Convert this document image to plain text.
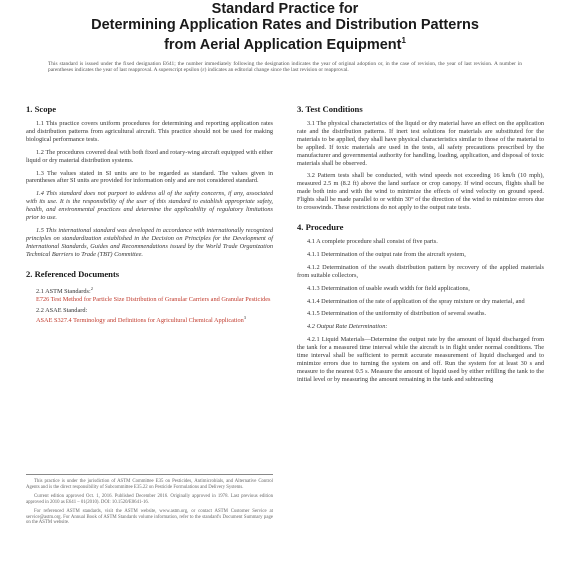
Standard Practice for
Determining Application Rates and Distribution Patterns
from Aerial Application Equipment$^1$

This standard is issued under the fixed designation E641; the number immediately following the designation indicates the year of original adoption or, in the case of revision, the year of last revision. A number in parentheses indicates the year of last reapproval. A superscript epsilon (ε) indicates an editorial change since the last revision or reapproval.

1. Scope

1.1 This practice covers uniform procedures for determining and reporting application rates and distribution patterns from agricultural aircraft. This practice should not be used for making biological performance tests.

1.2 The procedures covered deal with both fixed and rotary-wing aircraft equipped with either liquid or dry material distribution systems.

1.3 The values stated in SI units are to be regarded as standard. The values given in parentheses after SI units are provided for information only and are not considered standard.

1.4 This standard does not purport to address all of the safety concerns, if any, associated with its use. It is the responsibility of the user of this standard to establish appropriate safety, health, and environmental practices and determine the applicability of regulatory limitations prior to use.

1.5 This international standard was developed in accordance with internationally recognized principles on standardization established in the Decision on Principles for the Development of International Standards, Guides and Recommendations issued by the World Trade Organization Technical Barriers to Trade (TBT) Committee.

2. Referenced Documents
2.1 ASTM Standards:$^2$
E726 Test Method for Particle Size Distribution of Granular Carriers and Granular Pesticides
2.2 ASAE Standard:
ASAE S327.4 Terminology and Definitions for Agricultural Chemical Application$^3$
3. Test Conditions

3.1 The physical characteristics of the liquid or dry material have an effect on the application rate and the distribution patterns. If inert test solutions for materials are substituted for the materials to be applied, they shall have physical characteristics similar to those of the material to be applied. If toxic materials are used in the tests, all safety precautions prescribed by the manufacturer and governmental authority for handling, loading, application, and disposal of toxic materials shall be observed.

3.2 Pattern tests shall be conducted, with wind speeds not exceeding 16 km/h (10 mph), measured 2.5 m (8.2 ft) above the land surface or crop canopy. If wind occurs, flights shall be made both into and with the wind to minimize the effects of wind velocity on ground speed. Flights shall be made parallel to or within 30° of the direction of the wind to minimize errors due to crosswinds. These restrictions do not apply to the output rate tests.

4. Procedure

4.1 A complete procedure shall consist of five parts.

4.1.1 Determination of the output rate from the aircraft system,

4.1.2 Determination of the swath distribution pattern by recovery of the applied materials from suitable collectors,

4.1.3 Determination of usable swath width for field applications,

4.1.4 Determination of the rate of application of the spray mixture or dry material, and

4.1.5 Determination of the uniformity of distribution of several swaths.

4.2 Output Rate Determination:

4.2.1 Liquid Materials—Determine the output rate by the amount of liquid discharged from the tank for a measured time interval while the aircraft is in flight under normal conditions. The time interval shall be sufficient to permit accurate measurement of liquid discharged and to minimize errors due to turning the system on and off. Run the system for at least 30 s and measure to the nearest 0.5 s. Measure the amount of liquid used by either refilling the tank to the initial level or by measuring the amount remaining in the tank and subtracting

This practice is under the jurisdiction of ASTM Committee E35 on Pesticides, Antimicrobials, and Alternative Control Agents and is the direct responsibility of Subcommittee E35.22 on Pesticide Formulations and Delivery Systems.

Current edition approved Oct. 1, 2016. Published December 2016. Originally approved in 1978. Last previous edition approved in 2010 as E641 – 01(2010). DOI: 10.1520/E0641-16.

For referenced ASTM standards, visit the ASTM website, www.astm.org, or contact ASTM Customer Service at service@astm.org. For Annual Book of ASTM Standards volume information, refer to the standard's Document Summary page on the ASTM website.
